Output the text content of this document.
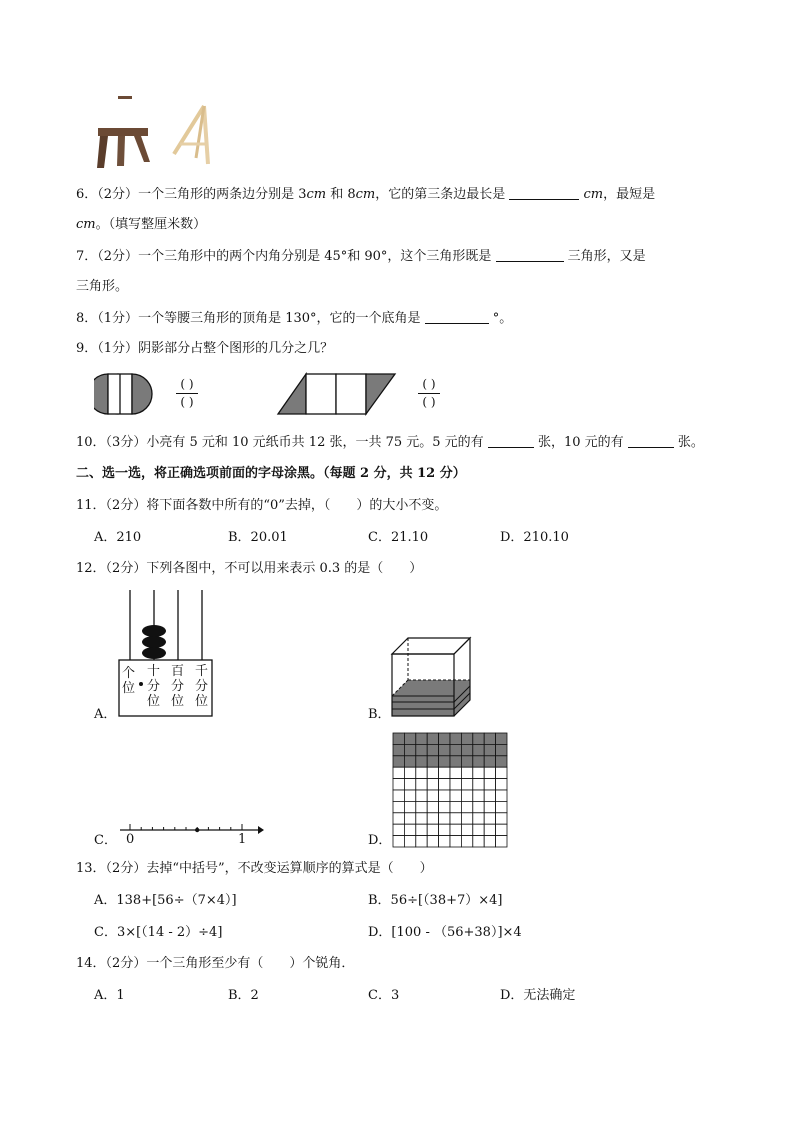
6．（2分）一个三角形的两条边分别是 3cm 和 8cm，它的第三条边最长是	cm，最短是
cm。（填写整厘米数）
7．（2分）一个三角形中的两个内角分别是 45°和 90°，这个三角形既是	三角形，又是
三角形。
8．（1分）一个等腰三角形的顶角是 130°，它的一个底角是	°。
9．（1分）阴影部分占整个图形的几分之几？
( )
( )
( )
( )
10．（3分）小亮有 5 元和 10 元纸币共 12 张，一共 75 元。5 元的有	张，10 元的有	张。
二、选一选，将正确选项前面的字母涂黑。（每题 2 分，共 12 分）
11．（2分）将下面各数中所有的“0”去掉，（　　）的大小不变。
A．210	B．20.01	C．21.10	D．210.10
12．（2分）下列各图中，不可以用来表示 0.3 的是（　　）
A．
个位
十分位
百分位
千分位
B．
C． 0	1	D．
13．（2分）去掉“中括号”，不改变运算顺序的算式是（　　）
A．138+[56÷（7×4）]	B．56÷[（38+7）×4]
C．3×[（14 - 2）÷4]	D．[100 - （56+38）]×4
14．（2分）一个三角形至少有（　　）个锐角．
A．1	B．2	C．3	D．无法确定
